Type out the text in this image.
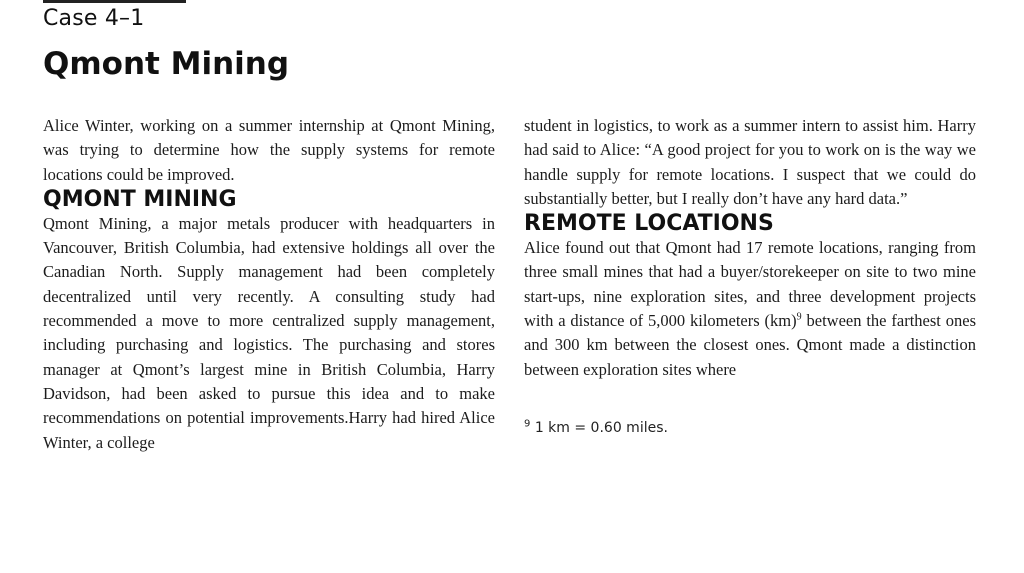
Case 4–1
Qmont Mining

Alice Winter, working on a summer internship at Qmont Mining, was trying to determine how the supply systems for remote locations could be improved.

QMONT MINING

Qmont Mining, a major metals producer with headquarters in Vancouver, British Columbia, had extensive holdings all over the Canadian North. Supply management had been completely decentralized until very recently. A consulting study had recommended a move to more centralized supply management, including purchasing and logistics. The purchasing and stores manager at Qmont’s largest mine in British Columbia, Harry Davidson, had been asked to pursue this idea and to make recommendations on potential improvements.Harry had hired Alice Winter, a college

student in logistics, to work as a summer intern to assist him. Harry had said to Alice: “A good project for you to work on is the way we handle supply for remote locations. I suspect that we could do substantially better, but I really don’t have any hard data.”

REMOTE LOCATIONS

Alice found out that Qmont had 17 remote locations, ranging from three small mines that had a buyer/storekeeper on site to two mine start-ups, nine exploration sites, and three development projects with a distance of 5,000 kilometers (km)$^9$ between the farthest ones and 300 km between the closest ones. Qmont made a distinction between exploration sites where

$^9$ 1 km = 0.60 miles.
